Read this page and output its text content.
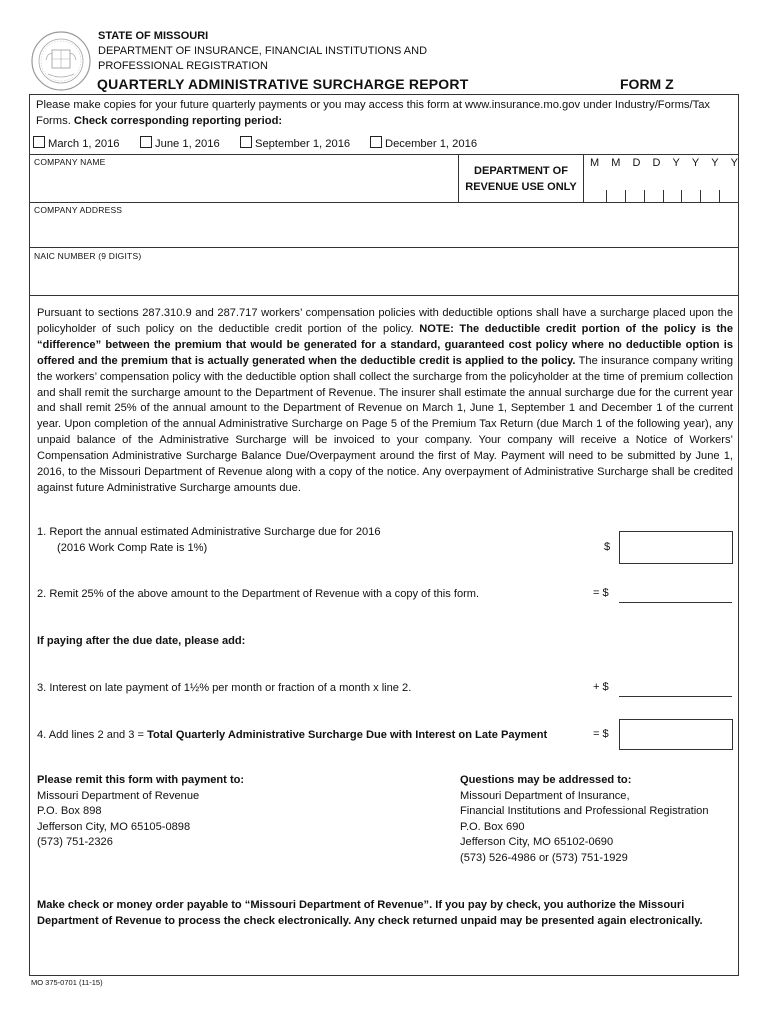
STATE OF MISSOURI
DEPARTMENT OF INSURANCE, FINANCIAL INSTITUTIONS AND
PROFESSIONAL REGISTRATION
QUARTERLY ADMINISTRATIVE SURCHARGE REPORT	FORM Z
Please make copies for your future quarterly payments or you may access this form at www.insurance.mo.gov under Industry/Forms/Tax Forms. Check corresponding reporting period:
March 1, 2016	June 1, 2016	September 1, 2016	December 1, 2016
COMPANY NAME
DEPARTMENT OF
REVENUE USE ONLY
M M D D Y Y Y Y
COMPANY ADDRESS
NAIC NUMBER (9 DIGITS)
Pursuant to sections 287.310.9 and 287.717 workers’ compensation policies with deductible options shall have a surcharge placed upon the policyholder of such policy on the deductible credit portion of the policy. NOTE: The deductible credit portion of the policy is the “difference” between the premium that would be generated for a standard, guaranteed cost policy where no deductible option is offered and the premium that is actually generated when the deductible credit is applied to the policy. The insurance company writing the workers’ compensation policy with the deductible option shall collect the surcharge from the policyholder at the time of premium collection and shall remit the surcharge amount to the Department of Revenue. The insurer shall estimate the annual surcharge due for the current year and shall remit 25% of the annual amount to the Department of Revenue on March 1, June 1, September 1 and December 1 of the current year. Upon completion of the annual Administrative Surcharge on Page 5 of the Premium Tax Return (due March 1 of the following year), any unpaid balance of the Administrative Surcharge will be invoiced to your company. Your company will receive a Notice of Workers’ Compensation Administrative Surcharge Balance Due/Overpayment around the first of May. Payment will need to be submitted by June 1, 2016, to the Missouri Department of Revenue along with a copy of the notice. Any overpayment of Administrative Surcharge shall be credited against future Administrative Surcharge amounts due.
1. Report the annual estimated Administrative Surcharge due for 2016
(2016 Work Comp Rate is 1%)	$
2. Remit 25% of the above amount to the Department of Revenue with a copy of this form.	= $
If paying after the due date, please add:
3. Interest on late payment of 1½% per month or fraction of a month x line 2.	+ $
4. Add lines 2 and 3 = Total Quarterly Administrative Surcharge Due with Interest on Late Payment	= $
Please remit this form with payment to:
Missouri Department of Revenue
P.O. Box 898
Jefferson City, MO 65105-0898
(573) 751-2326
Questions may be addressed to:
Missouri Department of Insurance,
Financial Institutions and Professional Registration
P.O. Box 690
Jefferson City, MO 65102-0690
(573) 526-4986 or (573) 751-1929
Make check or money order payable to “Missouri Department of Revenue”. If you pay by check, you authorize the Missouri Department of Revenue to process the check electronically. Any check returned unpaid may be presented again electronically.
MO 375-0701 (11-15)
